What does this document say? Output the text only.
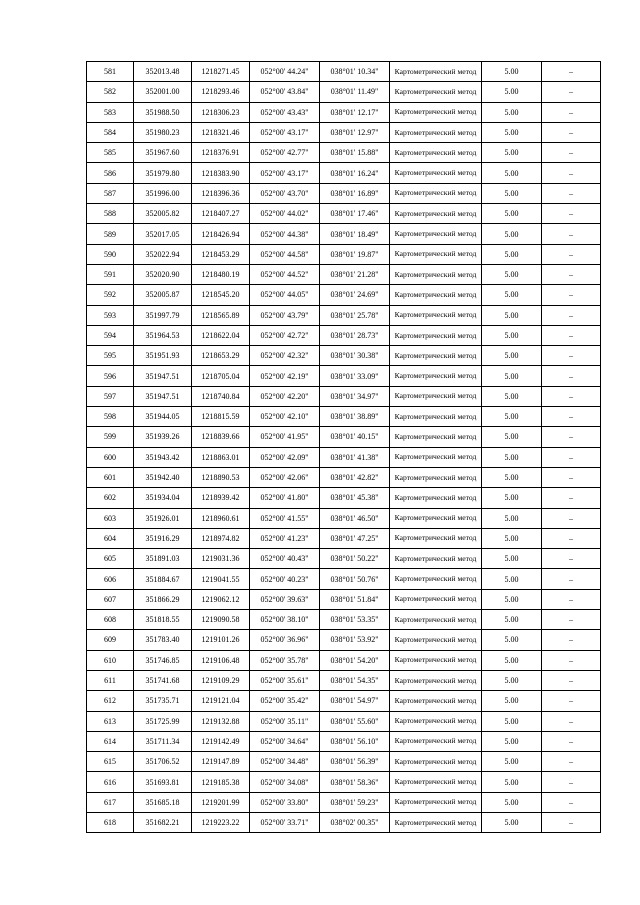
581	352013.48	1218271.45	052°00' 44.24"	038°01' 10.34"	Картометрический метод	5.00	–
582	352001.00	1218293.46	052°00' 43.84"	038°01' 11.49"	Картометрический метод	5.00	–
583	351988.50	1218306.23	052°00' 43.43"	038°01' 12.17"	Картометрический метод	5.00	–
584	351980.23	1218321.46	052°00' 43.17"	038°01' 12.97"	Картометрический метод	5.00	–
585	351967.60	1218376.91	052°00' 42.77"	038°01' 15.88"	Картометрический метод	5.00	–
586	351979.80	1218383.90	052°00' 43.17"	038°01' 16.24"	Картометрический метод	5.00	–
587	351996.00	1218396.36	052°00' 43.70"	038°01' 16.89"	Картометрический метод	5.00	–
588	352005.82	1218407.27	052°00' 44.02"	038°01' 17.46"	Картометрический метод	5.00	–
589	352017.05	1218426.94	052°00' 44.38"	038°01' 18.49"	Картометрический метод	5.00	–
590	352022.94	1218453.29	052°00' 44.58"	038°01' 19.87"	Картометрический метод	5.00	–
591	352020.90	1218480.19	052°00' 44.52"	038°01' 21.28"	Картометрический метод	5.00	–
592	352005.87	1218545.20	052°00' 44.05"	038°01' 24.69"	Картометрический метод	5.00	–
593	351997.79	1218565.89	052°00' 43.79"	038°01' 25.78"	Картометрический метод	5.00	–
594	351964.53	1218622.04	052°00' 42.72"	038°01' 28.73"	Картометрический метод	5.00	–
595	351951.93	1218653.29	052°00' 42.32"	038°01' 30.38"	Картометрический метод	5.00	–
596	351947.51	1218705.04	052°00' 42.19"	038°01' 33.09"	Картометрический метод	5.00	–
597	351947.51	1218740.84	052°00' 42.20"	038°01' 34.97"	Картометрический метод	5.00	–
598	351944.05	1218815.59	052°00' 42.10"	038°01' 38.89"	Картометрический метод	5.00	–
599	351939.26	1218839.66	052°00' 41.95"	038°01' 40.15"	Картометрический метод	5.00	–
600	351943.42	1218863.01	052°00' 42.09"	038°01' 41.38"	Картометрический метод	5.00	–
601	351942.40	1218890.53	052°00' 42.06"	038°01' 42.82"	Картометрический метод	5.00	–
602	351934.04	1218939.42	052°00' 41.80"	038°01' 45.38"	Картометрический метод	5.00	–
603	351926.01	1218960.61	052°00' 41.55"	038°01' 46.50"	Картометрический метод	5.00	–
604	351916.29	1218974.82	052°00' 41.23"	038°01' 47.25"	Картометрический метод	5.00	–
605	351891.03	1219031.36	052°00' 40.43"	038°01' 50.22"	Картометрический метод	5.00	–
606	351884.67	1219041.55	052°00' 40.23"	038°01' 50.76"	Картометрический метод	5.00	–
607	351866.29	1219062.12	052°00' 39.63"	038°01' 51.84"	Картометрический метод	5.00	–
608	351818.55	1219090.58	052°00' 38.10"	038°01' 53.35"	Картометрический метод	5.00	–
609	351783.40	1219101.26	052°00' 36.96"	038°01' 53.92"	Картометрический метод	5.00	–
610	351746.85	1219106.48	052°00' 35.78"	038°01' 54.20"	Картометрический метод	5.00	–
611	351741.68	1219109.29	052°00' 35.61"	038°01' 54.35"	Картометрический метод	5.00	–
612	351735.71	1219121.04	052°00' 35.42"	038°01' 54.97"	Картометрический метод	5.00	–
613	351725.99	1219132.88	052°00' 35.11"	038°01' 55.60"	Картометрический метод	5.00	–
614	351711.34	1219142.49	052°00' 34.64"	038°01' 56.10"	Картометрический метод	5.00	–
615	351706.52	1219147.89	052°00' 34.48"	038°01' 56.39"	Картометрический метод	5.00	–
616	351693.81	1219185.38	052°00' 34.08"	038°01' 58.36"	Картометрический метод	5.00	–
617	351685.18	1219201.99	052°00' 33.80"	038°01' 59.23"	Картометрический метод	5.00	–
618	351682.21	1219223.22	052°00' 33.71"	038°02' 00.35"	Картометрический метод	5.00	–
